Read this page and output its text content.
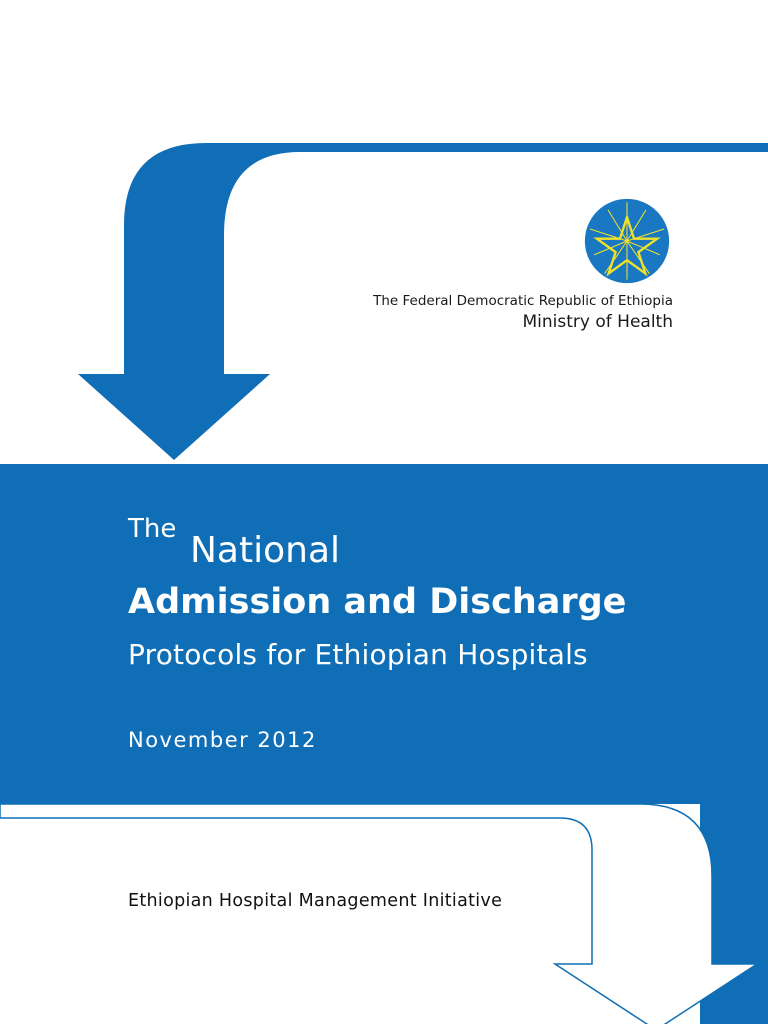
The Federal Democratic Republic of Ethiopia
Ministry of Health
The
National
Admission and Discharge
Protocols for Ethiopian Hospitals
November 2012
Ethiopian Hospital Management Initiative
